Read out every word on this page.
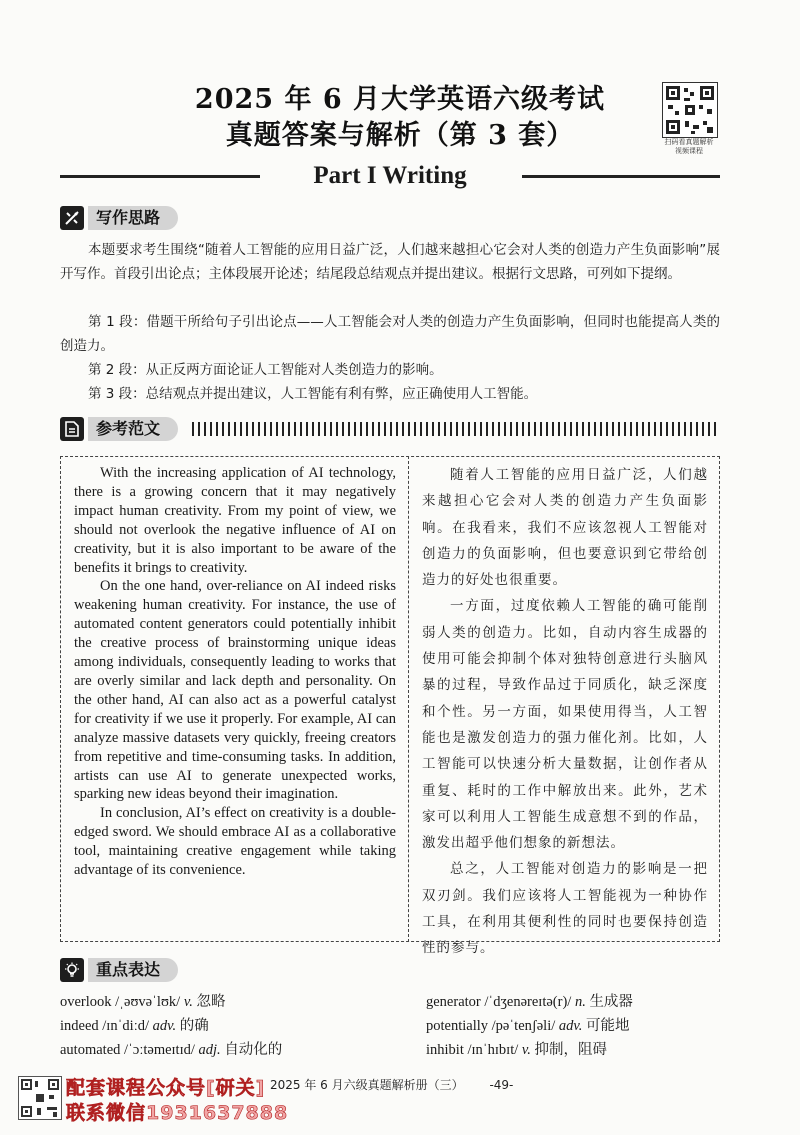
2025 年 6 月大学英语六级考试
真题答案与解析（第 3 套）	扫码看真题解析
视频课程
Part I Writing
写作思路
本题要求考生围绕“随着人工智能的应用日益广泛，人们越来越担心它会对人类的创造力产生负面影响”展开写作。首段引出论点；主体段展开论述；结尾段总结观点并提出建议。根据行文思路，可列如下提纲。
第 1 段：借题干所给句子引出论点——人工智能会对人类的创造力产生负面影响，但同时也能提高人类的创造力。
第 2 段：从正反两方面论证人工智能对人类创造力的影响。
第 3 段：总结观点并提出建议，人工智能有利有弊，应正确使用人工智能。
参考范文

With the increasing application of AI technology, there is a growing concern that it may negatively impact human creativity. From my point of view, we should not overlook the negative influence of AI on creativity, but it is also important to be aware of the benefits it brings to creativity.

On the one hand, over-reliance on AI indeed risks weakening human creativity. For instance, the use of automated content generators could potentially inhibit the creative process of brainstorming unique ideas among individuals, consequently leading to works that are overly similar and lack depth and personality. On the other hand, AI can also act as a powerful catalyst for creativity if we use it properly. For example, AI can analyze massive datasets very quickly, freeing creators from repetitive and time-consuming tasks. In addition, artists can use AI to generate unexpected works, sparking new ideas beyond their imagination.

In conclusion, AI’s effect on creativity is a double-edged sword. We should embrace AI as a collaborative tool, maintaining creative engagement while taking advantage of its convenience.

随着人工智能的应用日益广泛，人们越来越担心它会对人类的创造力产生负面影响。在我看来，我们不应该忽视人工智能对创造力的负面影响，但也要意识到它带给创造力的好处也很重要。

一方面，过度依赖人工智能的确可能削弱人类的创造力。比如，自动内容生成器的使用可能会抑制个体对独特创意进行头脑风暴的过程，导致作品过于同质化，缺乏深度和个性。另一方面，如果使用得当，人工智能也是激发创造力的强力催化剂。比如，人工智能可以快速分析大量数据，让创作者从重复、耗时的工作中解放出来。此外，艺术家可以利用人工智能生成意想不到的作品，激发出超乎他们想象的新想法。

总之，人工智能对创造力的影响是一把双刃剑。我们应该将人工智能视为一种协作工具，在利用其便利性的同时也要保持创造性的参与。

重点表达
overlook /ˌəʊvəˈlʊk/ v. 忽略
indeed /ɪnˈdiːd/ adv. 的确
automated /ˈɔːtəmeɪtɪd/ adj. 自动化的
generator /ˈdʒenəreɪtə(r)/ n. 生成器
potentially /pəˈtenʃəli/ adv. 可能地
inhibit /ɪnˈhɪbɪt/ v. 抑制，阻碍
2025 年 6 月六级真题解析册（三） -49-
配套课程公众号[研关]
联系微信1931637888
